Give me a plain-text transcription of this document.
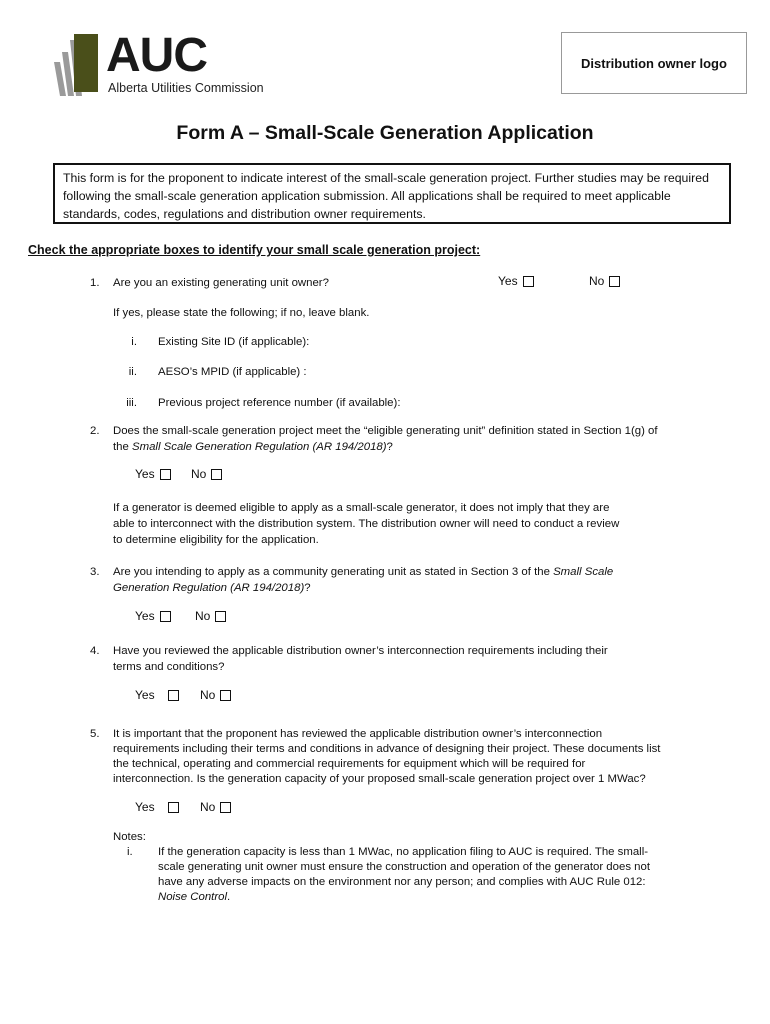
AUC
Alberta Utilities Commission
Distribution owner logo
Form A – Small-Scale Generation Application
This form is for the proponent to indicate interest of the small-scale generation project. Further studies may be required
following the small-scale generation application submission. All applications shall be required to meet applicable
standards, codes, regulations and distribution owner requirements.
Check the appropriate boxes to identify your small scale generation project:
1. Are you an existing generating unit owner?	Yes	No
If yes, please state the following; if no, leave blank.
i. Existing Site ID (if applicable):
ii. AESO’s MPID (if applicable) :
iii. Previous project reference number (if available):
2. Does the small-scale generation project meet the “eligible generating unit” definition stated in Section 1(g) of
the Small Scale Generation Regulation (AR 194/2018)?
Yes	No
If a generator is deemed eligible to apply as a small-scale generator, it does not imply that they are
able to interconnect with the distribution system. The distribution owner will need to conduct a review
to determine eligibility for the application.
3. Are you intending to apply as a community generating unit as stated in Section 3 of the Small Scale
Generation Regulation (AR 194/2018)?
Yes	No
4. Have you reviewed the applicable distribution owner’s interconnection requirements including their
terms and conditions?
Yes	No
5. It is important that the proponent has reviewed the applicable distribution owner’s interconnection
requirements including their terms and conditions in advance of designing their project. These documents list
the technical, operating and commercial requirements for equipment which will be required for
interconnection. Is the generation capacity of your proposed small-scale generation project over 1 MWac?
Yes	No
Notes:
i. If the generation capacity is less than 1 MWac, no application filing to AUC is required. The small-
scale generating unit owner must ensure the construction and operation of the generator does not
have any adverse impacts on the environment nor any person; and complies with AUC Rule 012:
Noise Control.
